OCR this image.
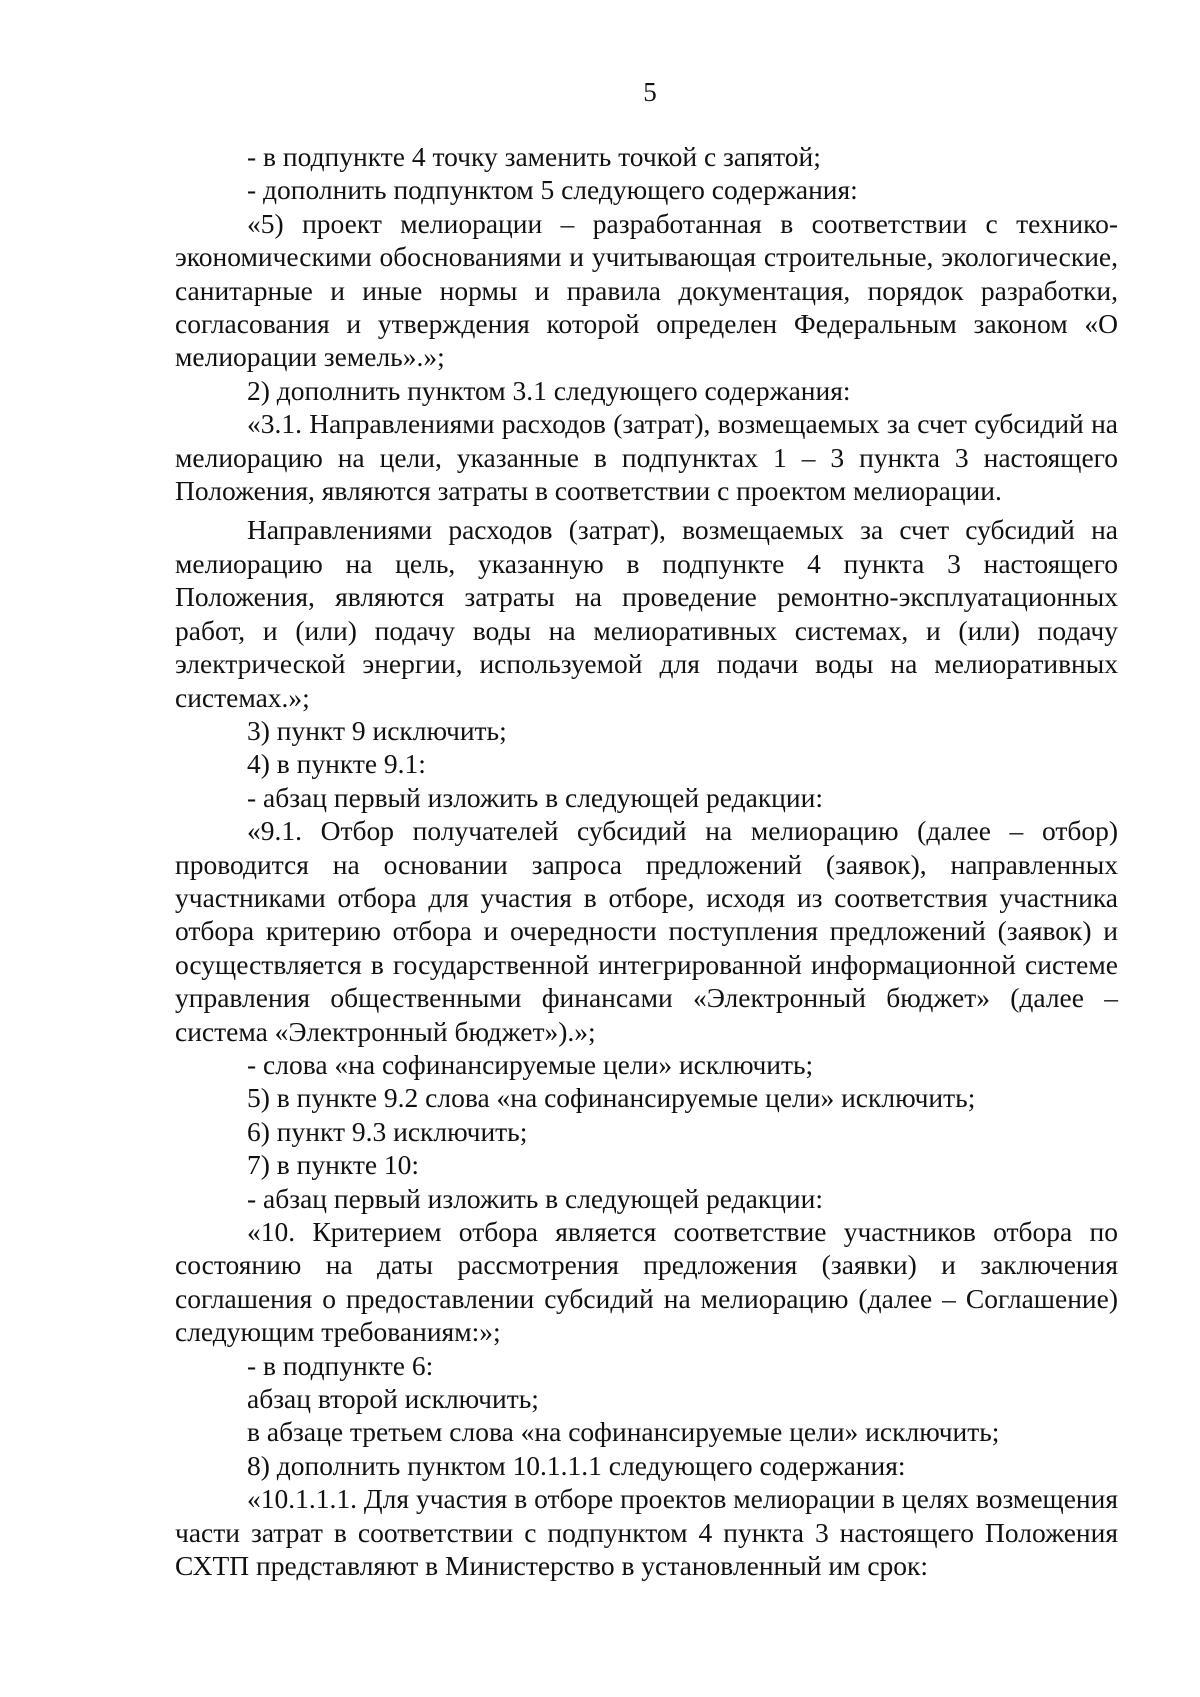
5

- в подпункте 4 точку заменить точкой с запятой;

- дополнить подпунктом 5 следующего содержания:

«5) проект мелиорации – разработанная в соответствии с технико-экономическими обоснованиями и учитывающая строительные, экологические, санитарные и иные нормы и правила документация, порядок разработки, согласования и утверждения которой определен Федеральным законом «О мелиорации земель».»;

2) дополнить пунктом 3.1 следующего содержания:

«3.1. Направлениями расходов (затрат), возмещаемых за счет субсидий на мелиорацию на цели, указанные в подпунктах 1 – 3 пункта 3 настоящего Положения, являются затраты в соответствии с проектом мелиорации.

Направлениями расходов (затрат), возмещаемых за счет субсидий на мелиорацию на цель, указанную в подпункте 4 пункта 3 настоящего Положения, являются затраты на проведение ремонтно-эксплуатационных работ, и (или) подачу воды на мелиоративных системах, и (или) подачу электрической энергии, используемой для подачи воды на мелиоративных системах.»;

3) пункт 9 исключить;

4) в пункте 9.1:

- абзац первый изложить в следующей редакции:

«9.1. Отбор получателей субсидий на мелиорацию (далее – отбор) проводится на основании запроса предложений (заявок), направленных участниками отбора для участия в отборе, исходя из соответствия участника отбора критерию отбора и очередности поступления предложений (заявок) и осуществляется в государственной интегрированной информационной системе управления общественными финансами «Электронный бюджет» (далее – система «Электронный бюджет»).»;

- слова «на софинансируемые цели» исключить;

5) в пункте 9.2 слова «на софинансируемые цели» исключить;

6) пункт 9.3 исключить;

7) в пункте 10:

- абзац первый изложить в следующей редакции:

«10. Критерием отбора является соответствие участников отбора по состоянию на даты рассмотрения предложения (заявки) и заключения соглашения о предоставлении субсидий на мелиорацию (далее – Соглашение) следующим требованиям:»;

- в подпункте 6:

абзац второй исключить;

в абзаце третьем слова «на софинансируемые цели» исключить;

8) дополнить пунктом 10.1.1.1 следующего содержания:

«10.1.1.1. Для участия в отборе проектов мелиорации в целях возмещения части затрат в соответствии с подпунктом 4 пункта 3 настоящего Положения СХТП представляют в Министерство в установленный им срок:
